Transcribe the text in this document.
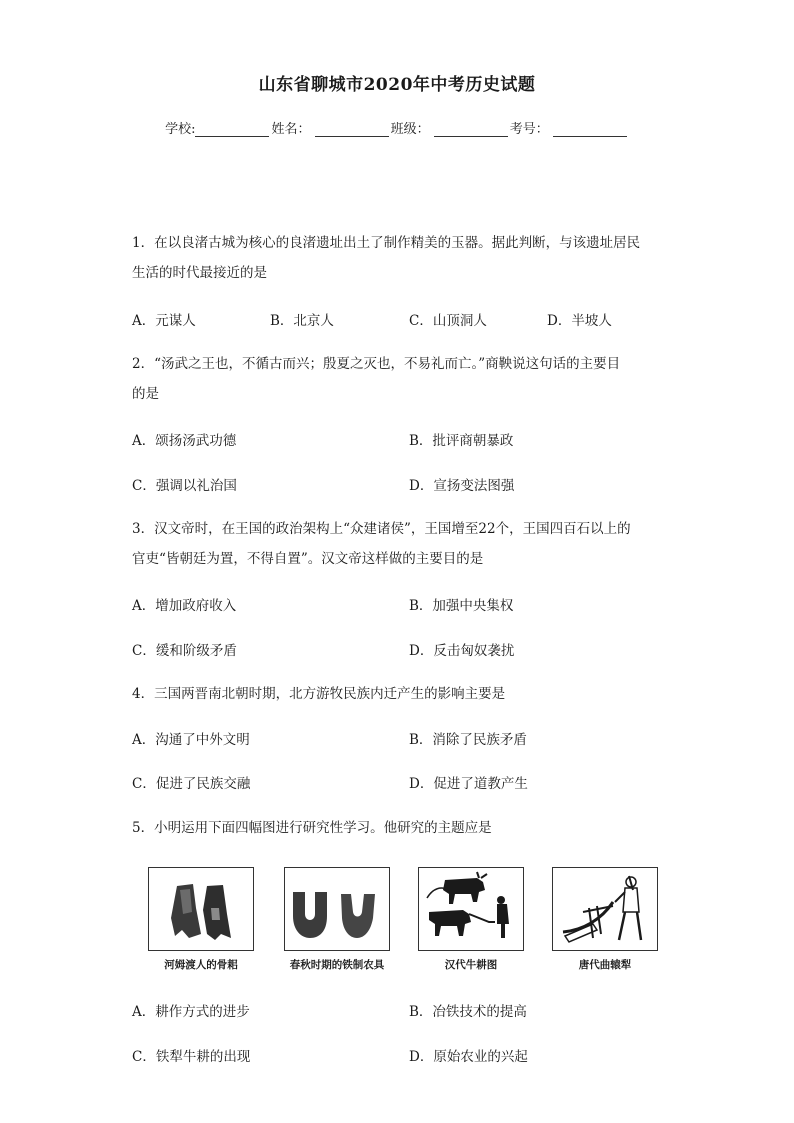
山东省聊城市2020年中考历史试题
学校:	姓名：	班级：	考号：
1．在以良渚古城为核心的良渚遗址出土了制作精美的玉器。据此判断，与该遗址居民
生活的时代最接近的是
A．元谋人	B．北京人	C．山顶洞人	D．半坡人
2．“汤武之王也，不循古而兴；殷夏之灭也，不易礼而亡。”商鞅说这句话的主要目
的是
A．颂扬汤武功德	B．批评商朝暴政
C．强调以礼治国	D．宣扬变法图强
3．汉文帝时，在王国的政治架构上“众建诸侯”，王国增至22个，王国四百石以上的
官吏“皆朝廷为置，不得自置”。汉文帝这样做的主要目的是
A．增加政府收入	B．加强中央集权
C．缓和阶级矛盾	D．反击匈奴袭扰
4．三国两晋南北朝时期，北方游牧民族内迁产生的影响主要是
A．沟通了中外文明	B．消除了民族矛盾
C．促进了民族交融	D．促进了道教产生
5．小明运用下面四幅图进行研究性学习。他研究的主题应是
河姆渡人的骨耜	春秋时期的铁制农具	汉代牛耕图	唐代曲辕犁
A．耕作方式的进步	B．冶铁技术的提高
C．铁犁牛耕的出现	D．原始农业的兴起
